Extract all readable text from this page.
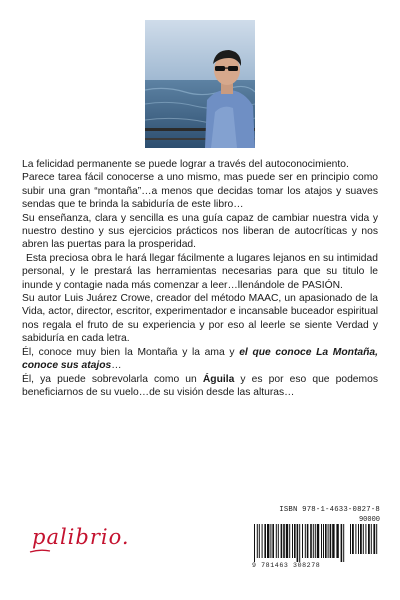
La felicidad permanente se puede lograr a través del autoconocimiento.

Parece tarea fácil conocerse a uno mismo, mas puede ser en principio como subir una gran “montaña”…a menos que decidas tomar los atajos y suaves sendas que te brinda la sabiduría de este libro…

Su enseñanza, clara y sencilla es una guía capaz de cambiar nuestra vida y nuestro destino y sus ejercicios prácticos nos liberan de autocríticas y nos abren las puertas para la prosperidad.

Esta preciosa obra le hará llegar fácilmente a lugares lejanos en su intimidad personal, y le prestará las herramientas necesarias para que su titulo le inunde y contagie nada más comenzar a leer…llenándole de PASIÓN.

Su autor Luis Juárez Crowe, creador del método MAAC, un apasionado de la Vida, actor, director, escritor, experimentador e incansable buceador espiritual nos regala el fruto de su experiencia y por eso al leerle se siente Verdad y sabiduría en cada letra.

Él, conoce muy bien la Montaña y la ama y el que conoce La Montaña, conoce sus atajos…

Él, ya puede sobrevolarla como un Águila y es por eso que podemos beneficiarnos de su vuelo…de su visión desde las alturas…

palibrio.
ISBN 978-1-4633-0827-8
90000
9 781463 308278
